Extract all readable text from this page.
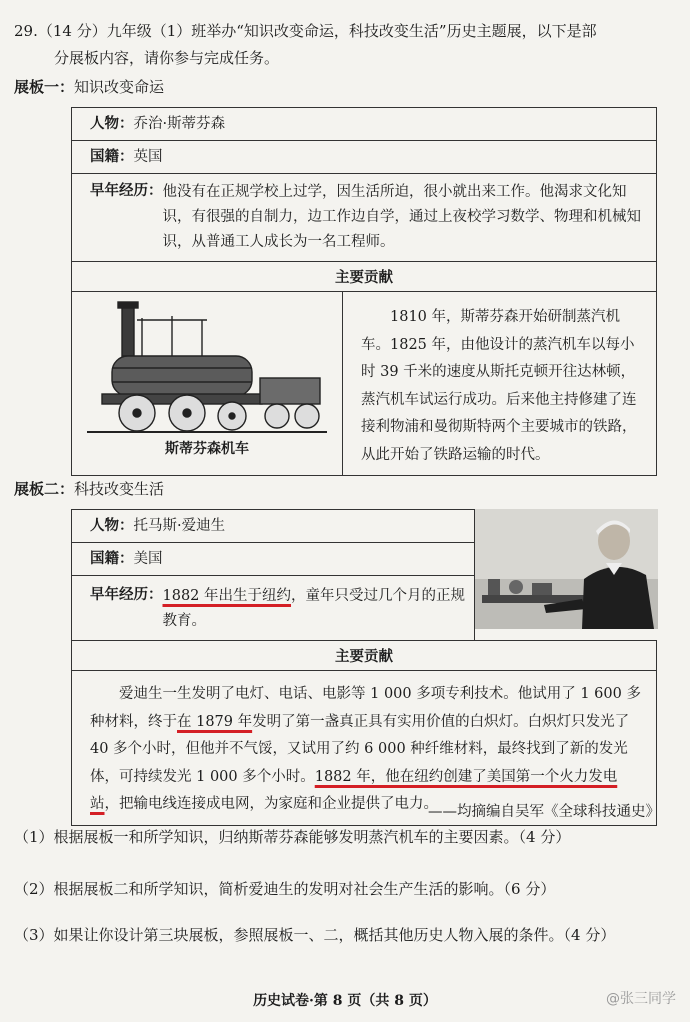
29.（14 分）九年级（1）班举办“知识改变命运，科技改变生活”历史主题展，以下是部
分展板内容，请你参与完成任务。
展板一：知识改变命运
人物：乔治·斯蒂芬森

国籍：英国

早年经历： 他没有在正规学校上过学，因生活所迫，很小就出来工作。他渴求文化知识，有很强的自制力，边工作边自学，通过上夜校学习数学、物理和机械知识，从普通工人成长为一名工程师。

主要贡献

斯蒂芬森机车

1810 年，斯蒂芬森开始研制蒸汽机车。1825 年，由他设计的蒸汽机车以每小时 39 千米的速度从斯托克顿开往达林顿，蒸汽机车试运行成功。后来他主持修建了连接利物浦和曼彻斯特两个主要城市的铁路，从此开始了铁路运输的时代。
展板二：科技改变生活
人物：托马斯·爱迪生

国籍：美国

早年经历： 1882 年出生于纽约，童年只受过几个月的正规教育。

主要贡献

爱迪生一生发明了电灯、电话、电影等 1 000 多项专利技术。他试用了 1 600 多种材料，终于在 1879 年发明了第一盏真正具有实用价值的白炽灯。白炽灯只发光了 40 多个小时，但他并不气馁，又试用了约 6 000 种纤维材料，最终找到了新的发光体，可持续发光 1 000 多个小时。1882 年，他在纽约创建了美国第一个火力发电站，把输电线连接成电网，为家庭和企业提供了电力。
——均摘编自吴军《全球科技通史》
（1）根据展板一和所学知识，归纳斯蒂芬森能够发明蒸汽机车的主要因素。（4 分）
（2）根据展板二和所学知识，简析爱迪生的发明对社会生产生活的影响。（6 分）
（3）如果让你设计第三块展板，参照展板一、二，概括其他历史人物入展的条件。（4 分）
历史试卷·第 8 页（共 8 页）	@张三同学
